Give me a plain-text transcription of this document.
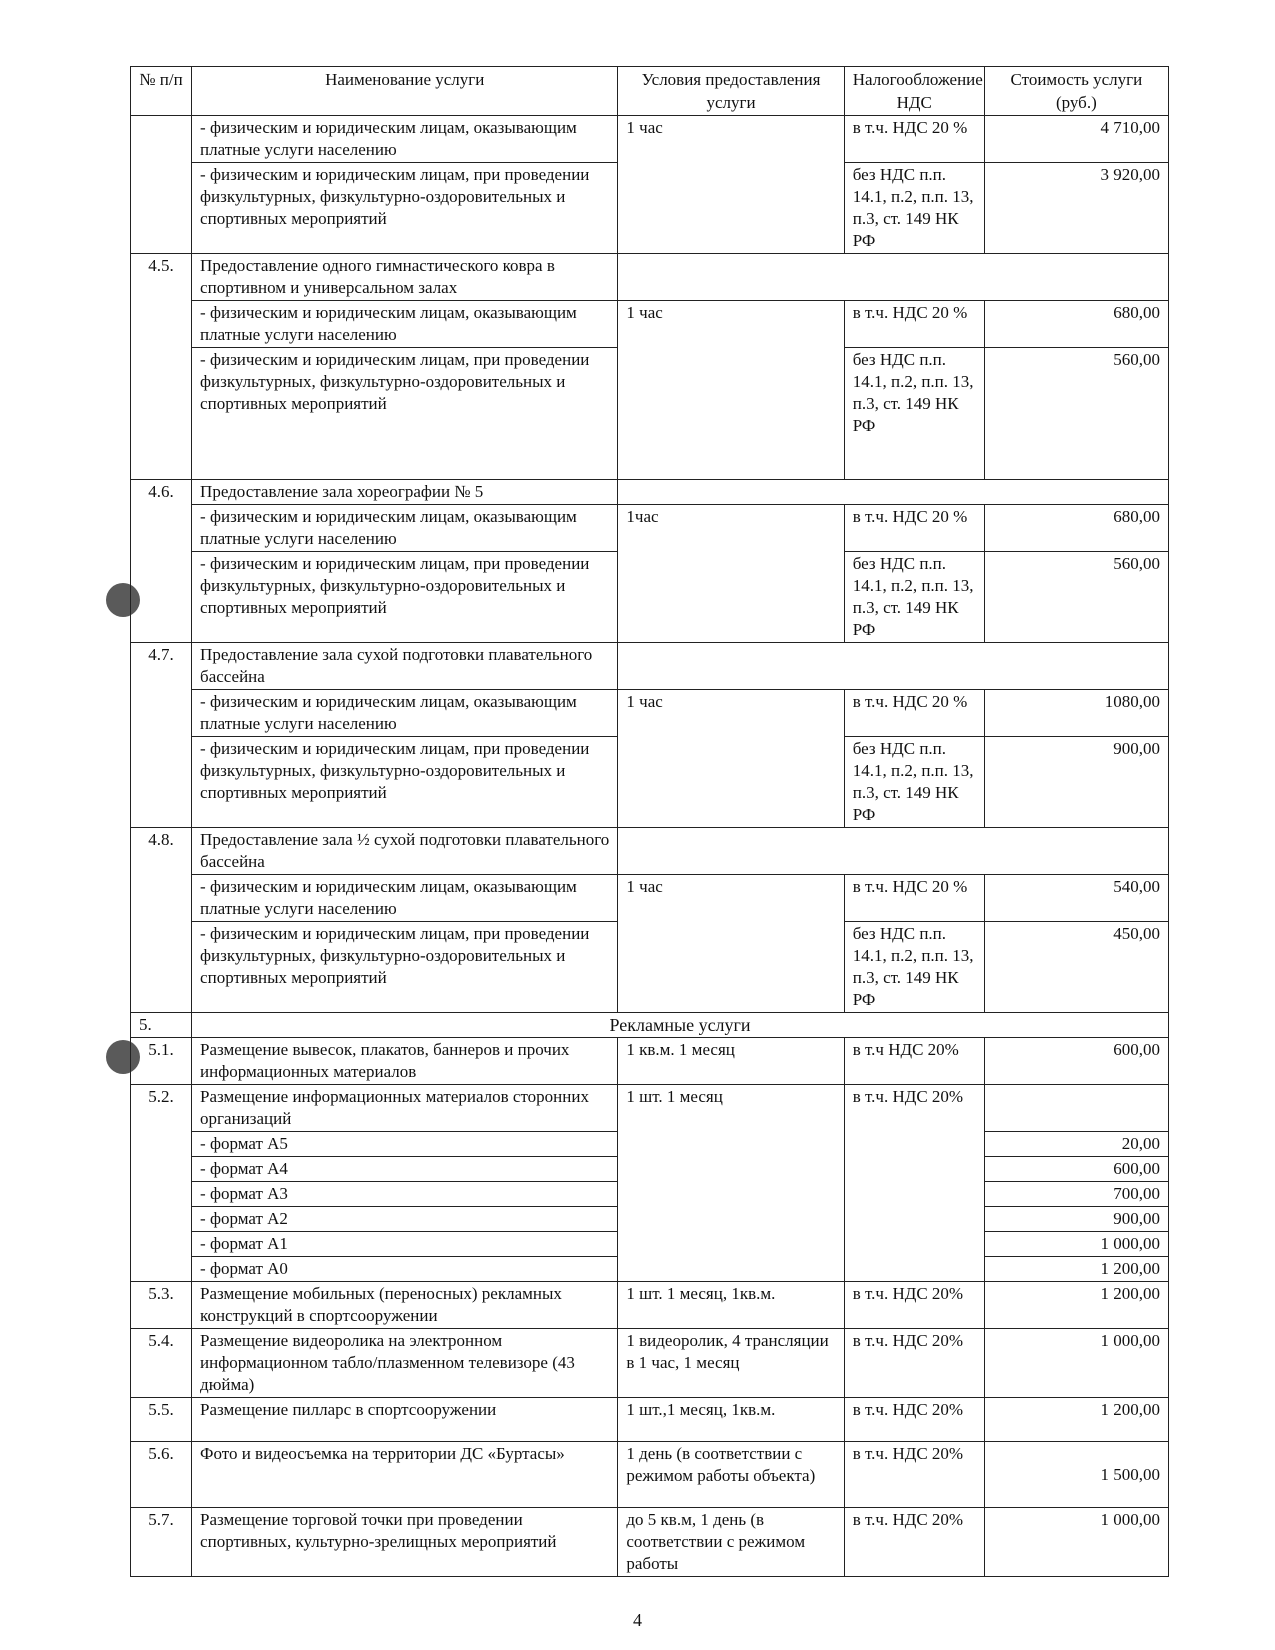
№ п/п	Наименование услуги	Условия предоставления услуги	Налогообложение НДС	Стоимость услуги (руб.)
	- физическим и юридическим лицам, оказывающим платные услуги населению	1 час	в т.ч. НДС 20 %	4 710,00
	- физическим и юридическим лицам, при проведении физкультурных, физкультурно-оздоровительных и спортивных мероприятий		без НДС п.п. 14.1, п.2, п.п. 13, п.3, ст. 149 НК РФ	3 920,00
4.5.	Предоставление одного гимнастического ковра в спортивном и универсальном залах			
	- физическим и юридическим лицам, оказывающим платные услуги населению	1 час	в т.ч. НДС 20 %	680,00
	- физическим и юридическим лицам, при проведении физкультурных, физкультурно-оздоровительных и спортивных мероприятий		без НДС п.п. 14.1, п.2, п.п. 13, п.3, ст. 149 НК РФ	560,00
4.6.	Предоставление зала хореографии № 5			
	- физическим и юридическим лицам, оказывающим платные услуги населению	1час	в т.ч. НДС 20 %	680,00
	- физическим и юридическим лицам, при проведении физкультурных, физкультурно-оздоровительных и спортивных мероприятий		без НДС п.п. 14.1, п.2, п.п. 13, п.3, ст. 149 НК РФ	560,00
4.7.	Предоставление зала сухой подготовки плавательного бассейна			
	- физическим и юридическим лицам, оказывающим платные услуги населению	1 час	в т.ч. НДС 20 %	1080,00
	- физическим и юридическим лицам, при проведении физкультурных, физкультурно-оздоровительных и спортивных мероприятий		без НДС п.п. 14.1, п.2, п.п. 13, п.3, ст. 149 НК РФ	900,00
4.8.	Предоставление зала ½ сухой подготовки плавательного бассейна			
	- физическим и юридическим лицам, оказывающим платные услуги населению	1 час	в т.ч. НДС 20 %	540,00
	- физическим и юридическим лицам, при проведении физкультурных, физкультурно-оздоровительных и спортивных мероприятий		без НДС п.п. 14.1, п.2, п.п. 13, п.3, ст. 149 НК РФ	450,00
5.	Рекламные услуги			
5.1.	Размещение вывесок, плакатов, баннеров и прочих информационных материалов	1 кв.м. 1 месяц	в т.ч НДС 20%	600,00
5.2.	Размещение информационных материалов сторонних организаций	1 шт. 1 месяц	в т.ч. НДС 20%	
	- формат А5			20,00
	- формат А4			600,00
	- формат А3			700,00
	- формат А2			900,00
	- формат А1			1 000,00
	- формат А0			1 200,00
5.3.	Размещение мобильных (переносных) рекламных конструкций в спортсооружении	1 шт. 1 месяц, 1кв.м.	в т.ч. НДС 20%	1 200,00
5.4.	Размещение видеоролика на электронном информационном табло/плазменном телевизоре (43 дюйма)	1 видеоролик, 4 трансляции в 1 час, 1 месяц	в т.ч. НДС 20%	1 000,00
5.5.	Размещение пилларс в спортсооружении	1 шт.,1 месяц, 1кв.м.	в т.ч. НДС 20%	1 200,00
5.6.	Фото и видеосъемка на территории ДС «Буртасы»	1 день (в соответствии с режимом работы объекта)	в т.ч. НДС 20%	1 500,00
5.7.	Размещение торговой точки при проведении спортивных, культурно-зрелищных мероприятий	до 5 кв.м, 1 день (в соответствии с режимом работы	в т.ч. НДС 20%	1 000,00
4
